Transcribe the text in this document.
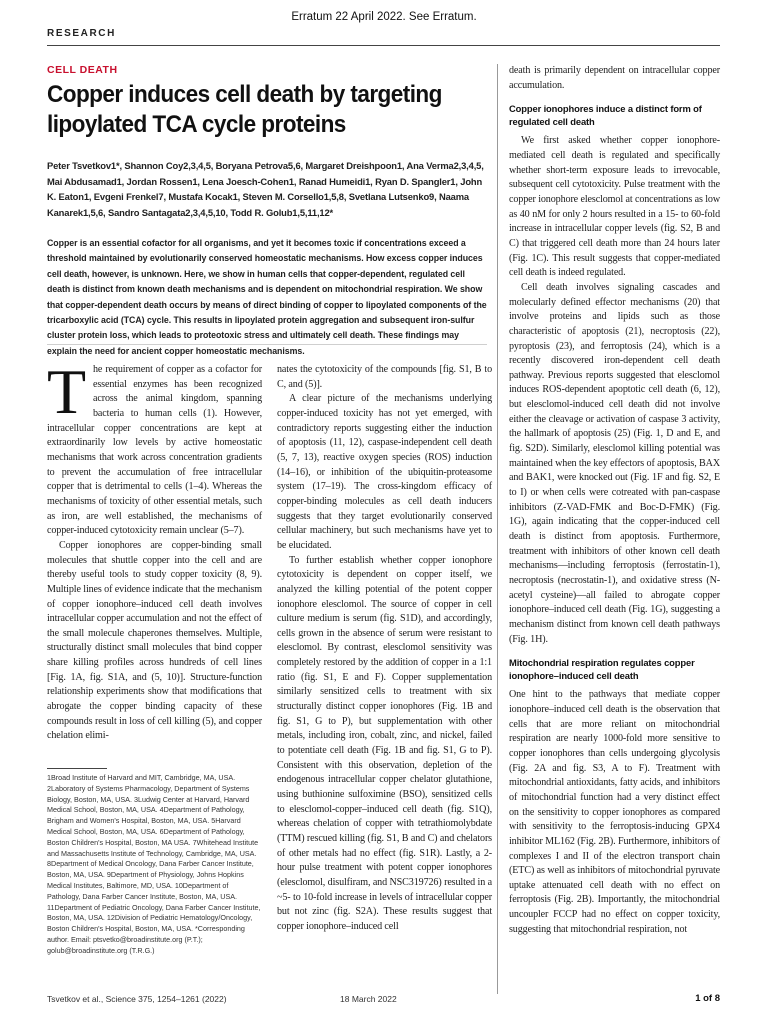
Erratum 22 April 2022. See Erratum.
RESEARCH
CELL DEATH
Copper induces cell death by targeting lipoylated TCA cycle proteins
Peter Tsvetkov1*, Shannon Coy2,3,4,5, Boryana Petrova5,6, Margaret Dreishpoon1, Ana Verma2,3,4,5, Mai Abdusamad1, Jordan Rossen1, Lena Joesch-Cohen1, Ranad Humeidi1, Ryan D. Spangler1, John K. Eaton1, Evgeni Frenkel7, Mustafa Kocak1, Steven M. Corsello1,5,8, Svetlana Lutsenko9, Naama Kanarek1,5,6, Sandro Santagata2,3,4,5,10, Todd R. Golub1,5,11,12*
Copper is an essential cofactor for all organisms, and yet it becomes toxic if concentrations exceed a threshold maintained by evolutionarily conserved homeostatic mechanisms. How excess copper induces cell death, however, is unknown. Here, we show in human cells that copper-dependent, regulated cell death is distinct from known death mechanisms and is dependent on mitochondrial respiration. We show that copper-dependent death occurs by means of direct binding of copper to lipoylated components of the tricarboxylic acid (TCA) cycle. This results in lipoylated protein aggregation and subsequent iron-sulfur cluster protein loss, which leads to proteotoxic stress and ultimately cell death. These findings may explain the need for ancient copper homeostatic mechanisms.

The requirement of copper as a cofactor for essential enzymes has been recognized across the animal kingdom, spanning bacteria to human cells (1). However, intracellular copper concentrations are kept at extraordinarily low levels by active homeostatic mechanisms that work across concentration gradients to prevent the accumulation of free intracellular copper that is detrimental to cells (1–4). Whereas the mechanisms of toxicity of other essential metals, such as iron, are well established, the mechanisms of copper-induced cytotoxicity remain unclear (5–7).

Copper ionophores are copper-binding small molecules that shuttle copper into the cell and are thereby useful tools to study copper toxicity (8, 9). Multiple lines of evidence indicate that the mechanism of copper ionophore–induced cell death involves intracellular copper accumulation and not the effect of the small molecule chaperones themselves. Multiple, structurally distinct small molecules that bind copper share killing profiles across hundreds of cell lines [Fig. 1A, fig. S1A, and (5, 10)]. Structure-function relationship experiments show that modifications that abrogate the copper binding capacity of these compounds result in loss of cell killing (5), and copper chelation elimi-

1Broad Institute of Harvard and MIT, Cambridge, MA, USA. 2Laboratory of Systems Pharmacology, Department of Systems Biology, Boston, MA, USA. 3Ludwig Center at Harvard, Harvard Medical School, Boston, MA, USA. 4Department of Pathology, Brigham and Women's Hospital, Boston, MA, USA. 5Harvard Medical School, Boston, MA, USA. 6Department of Pathology, Boston Children's Hospital, Boston, MA USA. 7Whitehead Institute and Massachusetts Institute of Technology, Cambridge, MA, USA. 8Department of Medical Oncology, Dana Farber Cancer Institute, Boston, MA, USA. 9Department of Physiology, Johns Hopkins Medical Institutes, Baltimore, MD, USA. 10Department of Pathology, Dana Farber Cancer Institute, Boston, MA, USA. 11Department of Pediatric Oncology, Dana Farber Cancer Institute, Boston, MA, USA. 12Division of Pediatric Hematology/Oncology, Boston Children's Hospital, Boston, MA, USA. *Corresponding author. Email: ptsvetko@broadinstitute.org (P.T.); golub@broadinstitute.org (T.R.G.)

nates the cytotoxicity of the compounds [fig. S1, B to C, and (5)].

A clear picture of the mechanisms underlying copper-induced toxicity has not yet emerged, with contradictory reports suggesting either the induction of apoptosis (11, 12), caspase-independent cell death (5, 7, 13), reactive oxygen species (ROS) induction (14–16), or inhibition of the ubiquitin-proteasome system (17–19). The cross-kingdom efficacy of copper-binding molecules as cell death inducers suggests that they target evolutionarily conserved cellular machinery, but such mechanisms have yet to be elucidated.

To further establish whether copper ionophore cytotoxicity is dependent on copper itself, we analyzed the killing potential of the potent copper ionophore elesclomol. The source of copper in cell culture medium is serum (fig. S1D), and accordingly, cells grown in the absence of serum were resistant to elesclomol. By contrast, elesclomol sensitivity was completely restored by the addition of copper in a 1:1 ratio (fig. S1, E and F). Copper supplementation similarly sensitized cells to treatment with six structurally distinct copper ionophores (Fig. 1B and fig. S1, G to P), but supplementation with other metals, including iron, cobalt, zinc, and nickel, failed to potentiate cell death (Fig. 1B and fig. S1, G to P). Consistent with this observation, depletion of the endogenous intracellular copper chelator glutathione, using buthionine sulfoximine (BSO), sensitized cells to elesclomol-copper–induced cell death (fig. S1Q), whereas chelation of copper with tetrathiomolybdate (TTM) rescued killing (fig. S1, B and C) and chelators of other metals had no effect (fig. S1R). Lastly, a 2-hour pulse treatment with potent copper ionophores (elesclomol, disulfiram, and NSC319726) resulted in a ~5- to 10-fold increase in levels of intracellular copper but not zinc (fig. S2A). These results suggest that copper ionophore–induced cell

death is primarily dependent on intracellular copper accumulation.

Copper ionophores induce a distinct form of regulated cell death

We first asked whether copper ionophore-mediated cell death is regulated and specifically whether short-term exposure leads to irrevocable, subsequent cell cytotoxicity. Pulse treatment with the copper ionophore elesclomol at concentrations as low as 40 nM for only 2 hours resulted in a 15- to 60-fold increase in intracellular copper levels (fig. S2, B and C) that triggered cell death more than 24 hours later (Fig. 1C). This result suggests that copper-mediated cell death is indeed regulated.

Cell death involves signaling cascades and molecularly defined effector mechanisms (20) that involve proteins and lipids such as those characteristic of apoptosis (21), necroptosis (22), pyroptosis (23), and ferroptosis (24), which is a recently discovered iron-dependent cell death pathway. Previous reports suggested that elesclomol induces ROS-dependent apoptotic cell death (6, 12), but elesclomol-induced cell death did not involve either the cleavage or activation of caspase 3 activity, the hallmark of apoptosis (25) (Fig. 1, D and E, and fig. S2D). Similarly, elesclomol killing potential was maintained when the key effectors of apoptosis, BAX and BAK1, were knocked out (Fig. 1F and fig. S2, E to I) or when cells were cotreated with pan-caspase inhibitors (Z-VAD-FMK and Boc-D-FMK) (Fig. 1G), again indicating that the copper-induced cell death is distinct from apoptosis. Furthermore, treatment with inhibitors of other known cell death mechanisms—including ferroptosis (ferrostatin-1), necroptosis (necrostatin-1), and oxidative stress (N-acetyl cysteine)—all failed to abrogate copper ionophore–induced cell death (Fig. 1G), suggesting a mechanism distinct from known cell death pathways (Fig. 1H).

Mitochondrial respiration regulates copper ionophore–induced cell death

One hint to the pathways that mediate copper ionophore–induced cell death is the observation that cells that are more reliant on mitochondrial respiration are nearly 1000-fold more sensitive to copper ionophores than cells undergoing glycolysis (Fig. 2A and fig. S3, A to F). Treatment with mitochondrial antioxidants, fatty acids, and inhibitors of mitochondrial function had a very distinct effect on the sensitivity to copper ionophores as compared with sensitivity to the ferroptosis-inducing GPX4 inhibitor ML162 (Fig. 2B). Furthermore, inhibitors of complexes I and II of the electron transport chain (ETC) as well as inhibitors of mitochondrial pyruvate uptake attenuated cell death with no effect on ferroptosis (Fig. 2B). Importantly, the mitochondrial uncoupler FCCP had no effect on copper toxicity, suggesting that mitochondrial respiration, not

Tsvetkov et al., Science 375, 1254–1261 (2022)	18 March 2022	1 of 8
